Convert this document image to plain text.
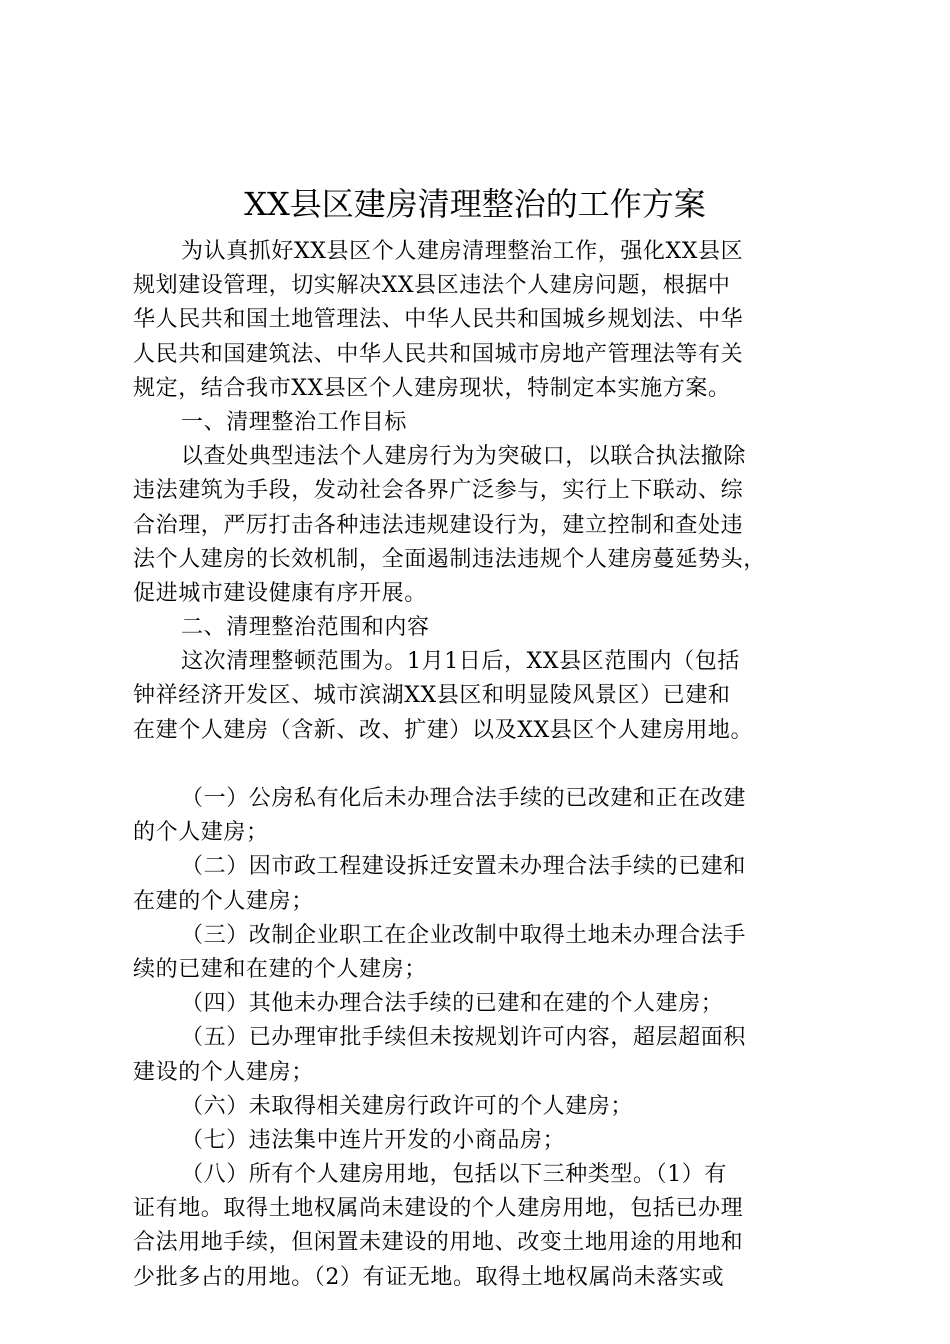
XX县区建房清理整治的工作方案
为认真抓好XX县区个人建房清理整治工作，强化XX县区
规划建设管理，切实解决XX县区违法个人建房问题，根据中
华人民共和国土地管理法、中华人民共和国城乡规划法、中华
人民共和国建筑法、中华人民共和国城市房地产管理法等有关
规定，结合我市XX县区个人建房现状，特制定本实施方案。
一、清理整治工作目标
以查处典型违法个人建房行为为突破口，以联合执法撤除
违法建筑为手段，发动社会各界广泛参与，实行上下联动、综
合治理，严厉打击各种违法违规建设行为，建立控制和查处违
法个人建房的长效机制，全面遏制违法违规个人建房蔓延势头，
促进城市建设健康有序开展。
二、清理整治范围和内容
这次清理整顿范围为。1月1日后，XX县区范围内（包括
钟祥经济开发区、城市滨湖XX县区和明显陵风景区）已建和
在建个人建房（含新、改、扩建）以及XX县区个人建房用地。
（一）公房私有化后未办理合法手续的已改建和正在改建
的个人建房；
（二）因市政工程建设拆迁安置未办理合法手续的已建和
在建的个人建房；
（三）改制企业职工在企业改制中取得土地未办理合法手
续的已建和在建的个人建房；
（四）其他未办理合法手续的已建和在建的个人建房；
（五）已办理审批手续但未按规划许可内容，超层超面积
建设的个人建房；
（六）未取得相关建房行政许可的个人建房；
（七）违法集中连片开发的小商品房；
（八）所有个人建房用地，包括以下三种类型。（1）有
证有地。取得土地权属尚未建设的个人建房用地，包括已办理
合法用地手续，但闲置未建设的用地、改变土地用途的用地和
少批多占的用地。（2）有证无地。取得土地权属尚未落实或
